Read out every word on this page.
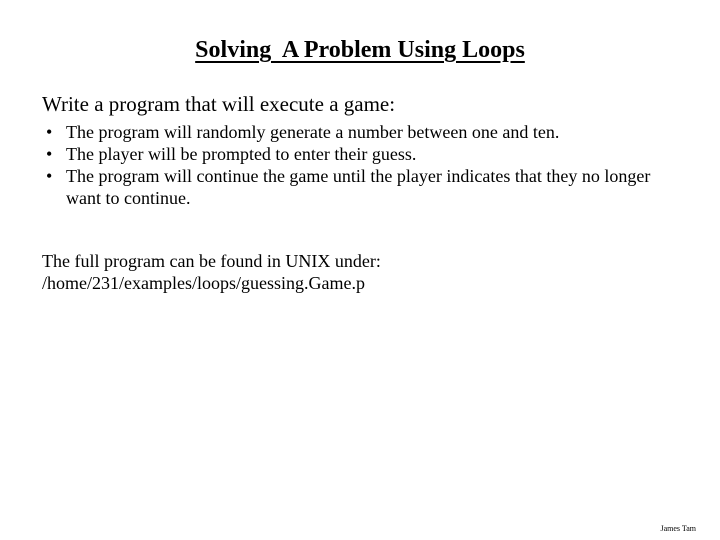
Solving  A Problem Using Loops
Write a program that will execute a game:
• The program will randomly generate a number between one and ten.
• The player will be prompted to enter their guess.
• The program will continue the game until the player indicates that they no longer want to continue.
The full program can be found in UNIX under:
/home/231/examples/loops/guessing.Game.p
James Tam
